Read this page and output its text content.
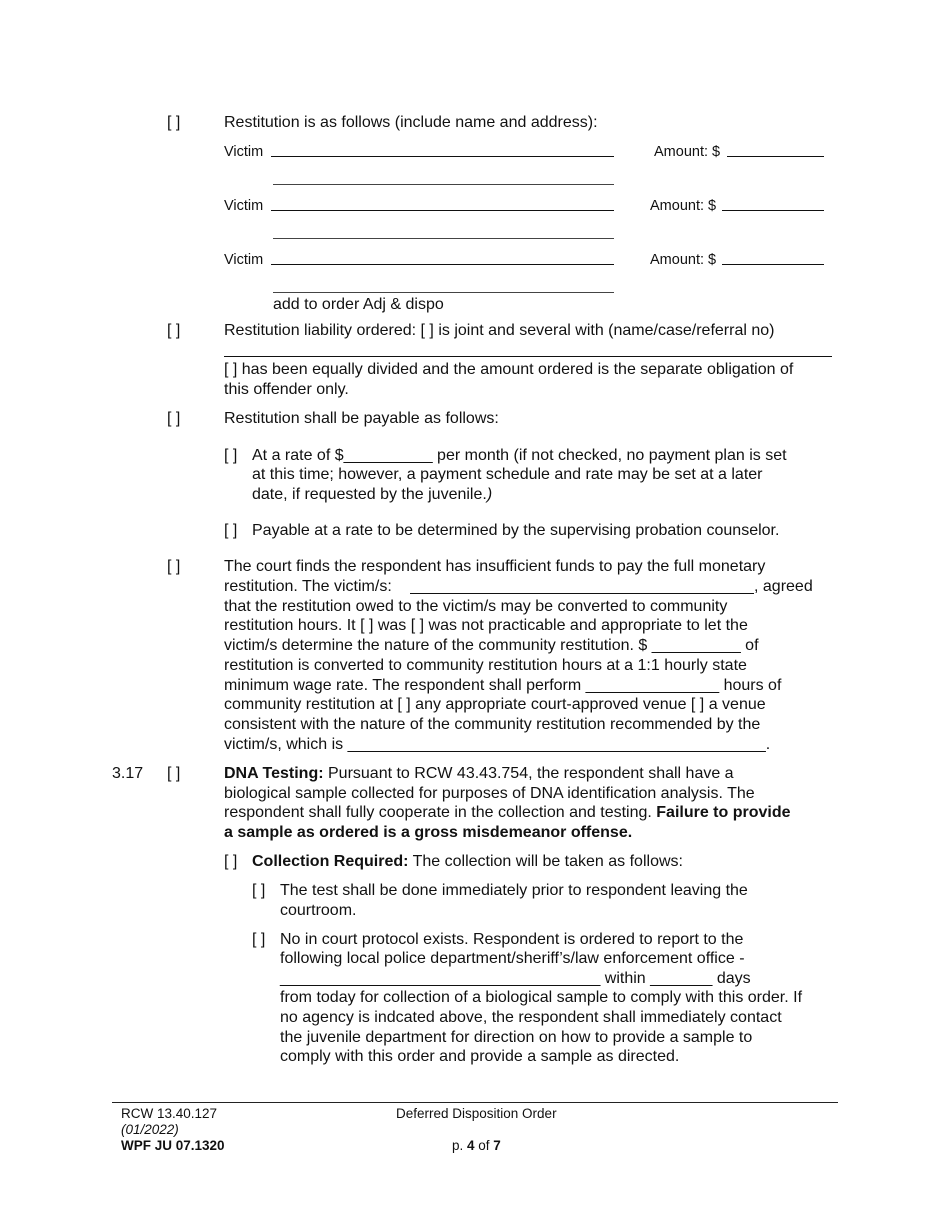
[ ]	Restitution is as follows (include name and address):
Victim	Amount: $
Victim	Amount: $
Victim	Amount: $
add to order Adj & dispo
[ ]	Restitution liability ordered: [ ] is joint and several with (name/case/referral no)
[ ] has been equally divided and the amount ordered is the separate obligation of
this offender only.
[ ]	Restitution shall be payable as follows:
[ ] At a rate of $__________ per month (if not checked, no payment plan is set
at this time; however, a payment schedule and rate may be set at a later
date, if requested by the juvenile.)
[ ] Payable at a rate to be determined by the supervising probation counselor.
[ ]	The court finds the respondent has insufficient funds to pay the full monetary
restitution. The victim/s:	, agreed
that the restitution owed to the victim/s may be converted to community
restitution hours. It [ ] was [ ] was not practicable and appropriate to let the
victim/s determine the nature of the community restitution. $ __________ of
restitution is converted to community restitution hours at a 1:1 hourly state
minimum wage rate. The respondent shall perform _______________ hours of
community restitution at [ ] any appropriate court-approved venue [ ] a venue
consistent with the nature of the community restitution recommended by the
victim/s, which is _______________________________________________.
3.17 [ ]	DNA Testing: Pursuant to RCW 43.43.754, the respondent shall have a
biological sample collected for purposes of DNA identification analysis. The
respondent shall fully cooperate in the collection and testing. Failure to provide
a sample as ordered is a gross misdemeanor offense.
[ ] Collection Required: The collection will be taken as follows:
[ ] The test shall be done immediately prior to respondent leaving the
courtroom.
[ ] No in court protocol exists. Respondent is ordered to report to the
following local police department/sheriff’s/law enforcement office -
____________________________________ within _______ days
from today for collection of a biological sample to comply with this order. If
no agency is indcated above, the respondent shall immediately contact
the juvenile department for direction on how to provide a sample to
comply with this order and provide a sample as directed.
RCW 13.40.127
(01/2022)
WPF JU 07.1320
Deferred Disposition Order
p. 4 of 7
